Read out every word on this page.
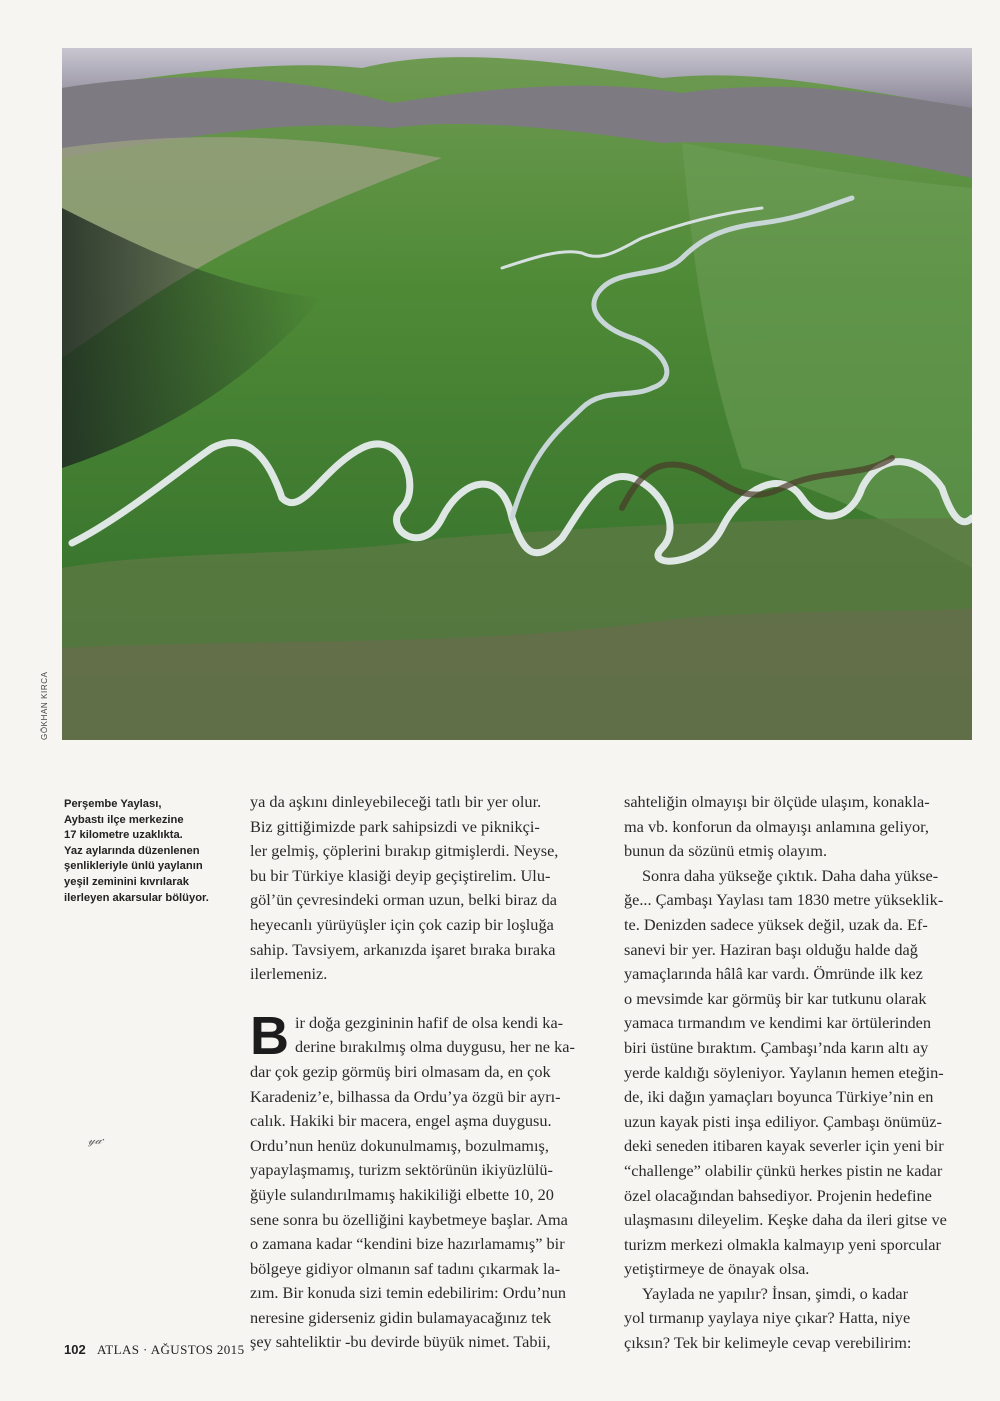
GÖKHAN KIRCA
Perşembe Yaylası,
Aybastı ilçe merkezine
17 kilometre uzaklıkta.
Yaz aylarında düzenlenen
şenlikleriyle ünlü yaylanın
yeşil zeminini kıvrılarak
ilerleyen akarsular bölüyor.
ya da aşkını dinleyebileceği tatlı bir yer olur.
Biz gittiğimizde park sahipsizdi ve piknikçi-
ler gelmiş, çöplerini bırakıp gitmişlerdi. Neyse,
bu bir Türkiye klasiği deyip geçiştirelim. Ulu-
göl’ün çevresindeki orman uzun, belki biraz da
heyecanlı yürüyüşler için çok cazip bir loşluğa
sahip. Tavsiyem, arkanızda işaret bıraka bıraka
ilerlemeniz.
B ir doğa gezgininin hafif de olsa kendi ka-
derine bırakılmış olma duygusu, her ne ka-
dar çok gezip görmüş biri olmasam da, en çok
Karadeniz’e, bilhassa da Ordu’ya özgü bir ayrı-
calık. Hakiki bir macera, engel aşma duygusu.
Ordu’nun henüz dokunulmamış, bozulmamış,
yapaylaşmamış, turizm sektörünün ikiyüzlülü-
ğüyle sulandırılmamış hakikiliği elbette 10, 20
sene sonra bu özelliğini kaybetmeye başlar. Ama
o zamana kadar “kendini bize hazırlamamış” bir
bölgeye gidiyor olmanın saf tadını çıkarmak la-
zım. Bir konuda sizi temin edebilirim: Ordu’nun
neresine giderseniz gidin bulamayacağınız tek
şey sahteliktir -bu devirde büyük nimet. Tabii,
sahteliğin olmayışı bir ölçüde ulaşım, konakla-
ma vb. konforun da olmayışı anlamına geliyor,
bunun da sözünü etmiş olayım.
Sonra daha yükseğe çıktık. Daha daha yükse-
ğe... Çambaşı Yaylası tam 1830 metre yükseklik-
te. Denizden sadece yüksek değil, uzak da. Ef-
sanevi bir yer. Haziran başı olduğu halde dağ
yamaçlarında hâlâ kar vardı. Ömründe ilk kez
o mevsimde kar görmüş bir kar tutkunu olarak
yamaca tırmandım ve kendimi kar örtülerinden
biri üstüne bıraktım. Çambaşı’nda karın altı ay
yerde kaldığı söyleniyor. Yaylanın hemen eteğin-
de, iki dağın yamaçları boyunca Türkiye’nin en
uzun kayak pisti inşa ediliyor. Çambaşı önümüz-
deki seneden itibaren kayak severler için yeni bir
“challenge” olabilir çünkü herkes pistin ne kadar
özel olacağından bahsediyor. Projenin hedefine
ulaşmasını dileyelim. Keşke daha da ileri gitse ve
turizm merkezi olmakla kalmayıp yeni sporcular
yetiştirmeye de önayak olsa.
Yaylada ne yapılır? İnsan, şimdi, o kadar
yol tırmanıp yaylaya niye çıkar? Hatta, niye
çıksın? Tek bir kelimeyle cevap verebilirim:
𝓎𝒶·
102 ATLAS · AĞUSTOS 2015
